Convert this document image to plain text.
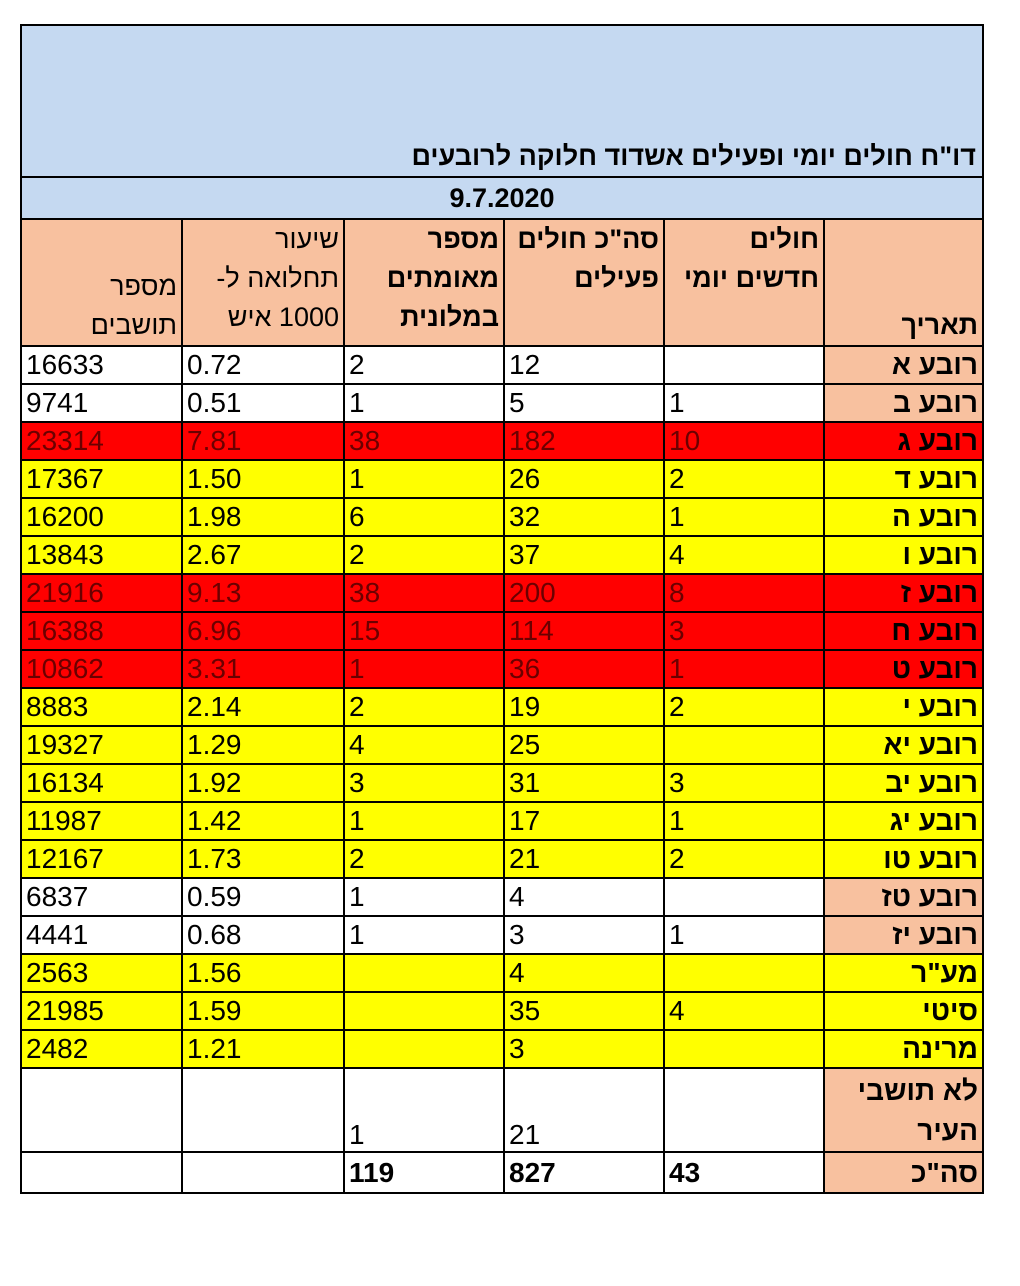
דו"ח חולים יומי ופעילים אשדוד חלוקה לרובעים
9.7.2020
תאריך	חולים חדשים יומי	סה"כ חולים פעילים	מספר מאומתים במלונית	שיעור תחלואה ל- 1000 איש	מספר תושבים
רובע א		12	2	0.72	16633
רובע ב	1	5	1	0.51	9741
רובע ג	10	182	38	7.81	23314
רובע ד	2	26	1	1.50	17367
רובע ה	1	32	6	1.98	16200
רובע ו	4	37	2	2.67	13843
רובע ז	8	200	38	9.13	21916
רובע ח	3	114	15	6.96	16388
רובע ט	1	36	1	3.31	10862
רובע י	2	19	2	2.14	8883
רובע יא		25	4	1.29	19327
רובע יב	3	31	3	1.92	16134
רובע יג	1	17	1	1.42	11987
רובע טו	2	21	2	1.73	12167
רובע טז		4	1	0.59	6837
רובע יז	1	3	1	0.68	4441
מע"ר		4		1.56	2563
סיטי	4	35		1.59	21985
מרינה		3		1.21	2482
לא תושבי העיר		21	1		
סה"כ	43	827	119		
